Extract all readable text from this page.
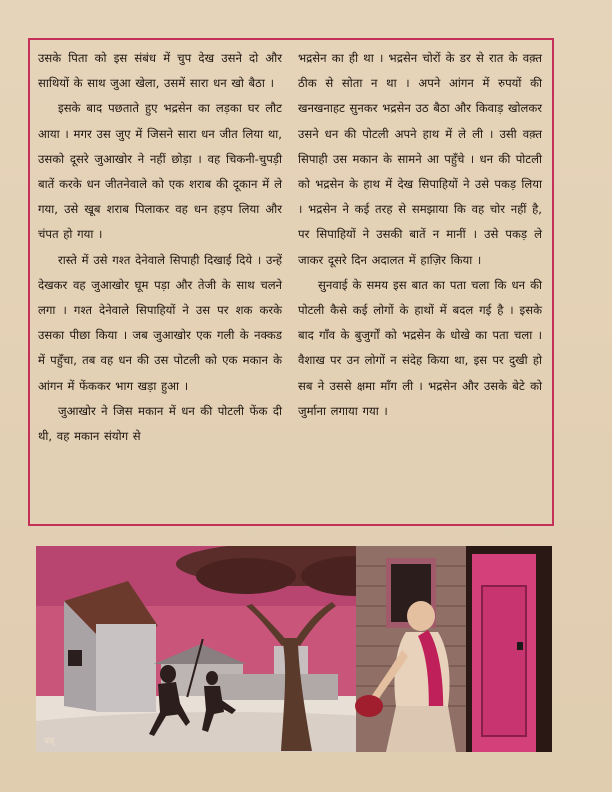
उसके पिता को इस संबंध में चुप देख उसने दो और साथियों के साथ जुआ खेला, उसमें सारा धन खो बैठा ।

इसके बाद पछताते हुए भद्रसेन का लड़का घर लौट आया । मगर उस जुए में जिसने सारा धन जीत लिया था, उसको दूसरे जुआखोर ने नहीं छोड़ा । वह चिकनी-चुपड़ी बातें करके धन जीतनेवाले को एक शराब की दूकान में ले गया, उसे खूब शराब पिलाकर वह धन हड़प लिया और चंपत हो गया ।

रास्ते में उसे गश्त देनेवाले सिपाही दिखाई दिये । उन्हें देखकर वह जुआखोर घूम पड़ा और तेजी के साथ चलने लगा । गश्त देनेवाले सिपाहियों ने उस पर शक करके उसका पीछा किया । जब जुआखोर एक गली के नक्कड में पहुँचा, तब वह धन की उस पोटली को एक मकान के आंगन में फेंककर भाग खड़ा हुआ ।

जुआखोर ने जिस मकान में धन की पोटली फेंक दी थी, वह मकान संयोग से

भद्रसेन का ही था । भद्रसेन चोरों के डर से रात के वक़्त ठीक से सोता न था । अपने आंगन में रुपयों की खनखनाहट सुनकर भद्रसेन उठ बैठा और किवाड़ खोलकर उसने धन की पोटली अपने हाथ में ले ली । उसी वक़्त सिपाही उस मकान के सामने आ पहुँचे । धन की पोटली को भद्रसेन के हाथ में देख सिपाहियों ने उसे पकड़ लिया । भद्रसेन ने कई तरह से समझाया कि वह चोर नहीं है, पर सिपाहियों ने उसकी बातें न मानीं । उसे पकड़ ले जाकर दूसरे दिन अदालत में हाज़िर किया ।

सुनवाई के समय इस बात का पता चला कि धन की पोटली कैसे कई लोगों के हाथों में बदल गई है । इसके बाद गाँव के बुजुर्गों को भद्रसेन के धोखे का पता चला । वैशाख पर उन लोगों न संदेह किया था, इस पर दुखी हो सब ने उससे क्षमा माँग ली । भद्रसेन और उसके बेटे को जुर्माना लगाया गया ।

नव्
